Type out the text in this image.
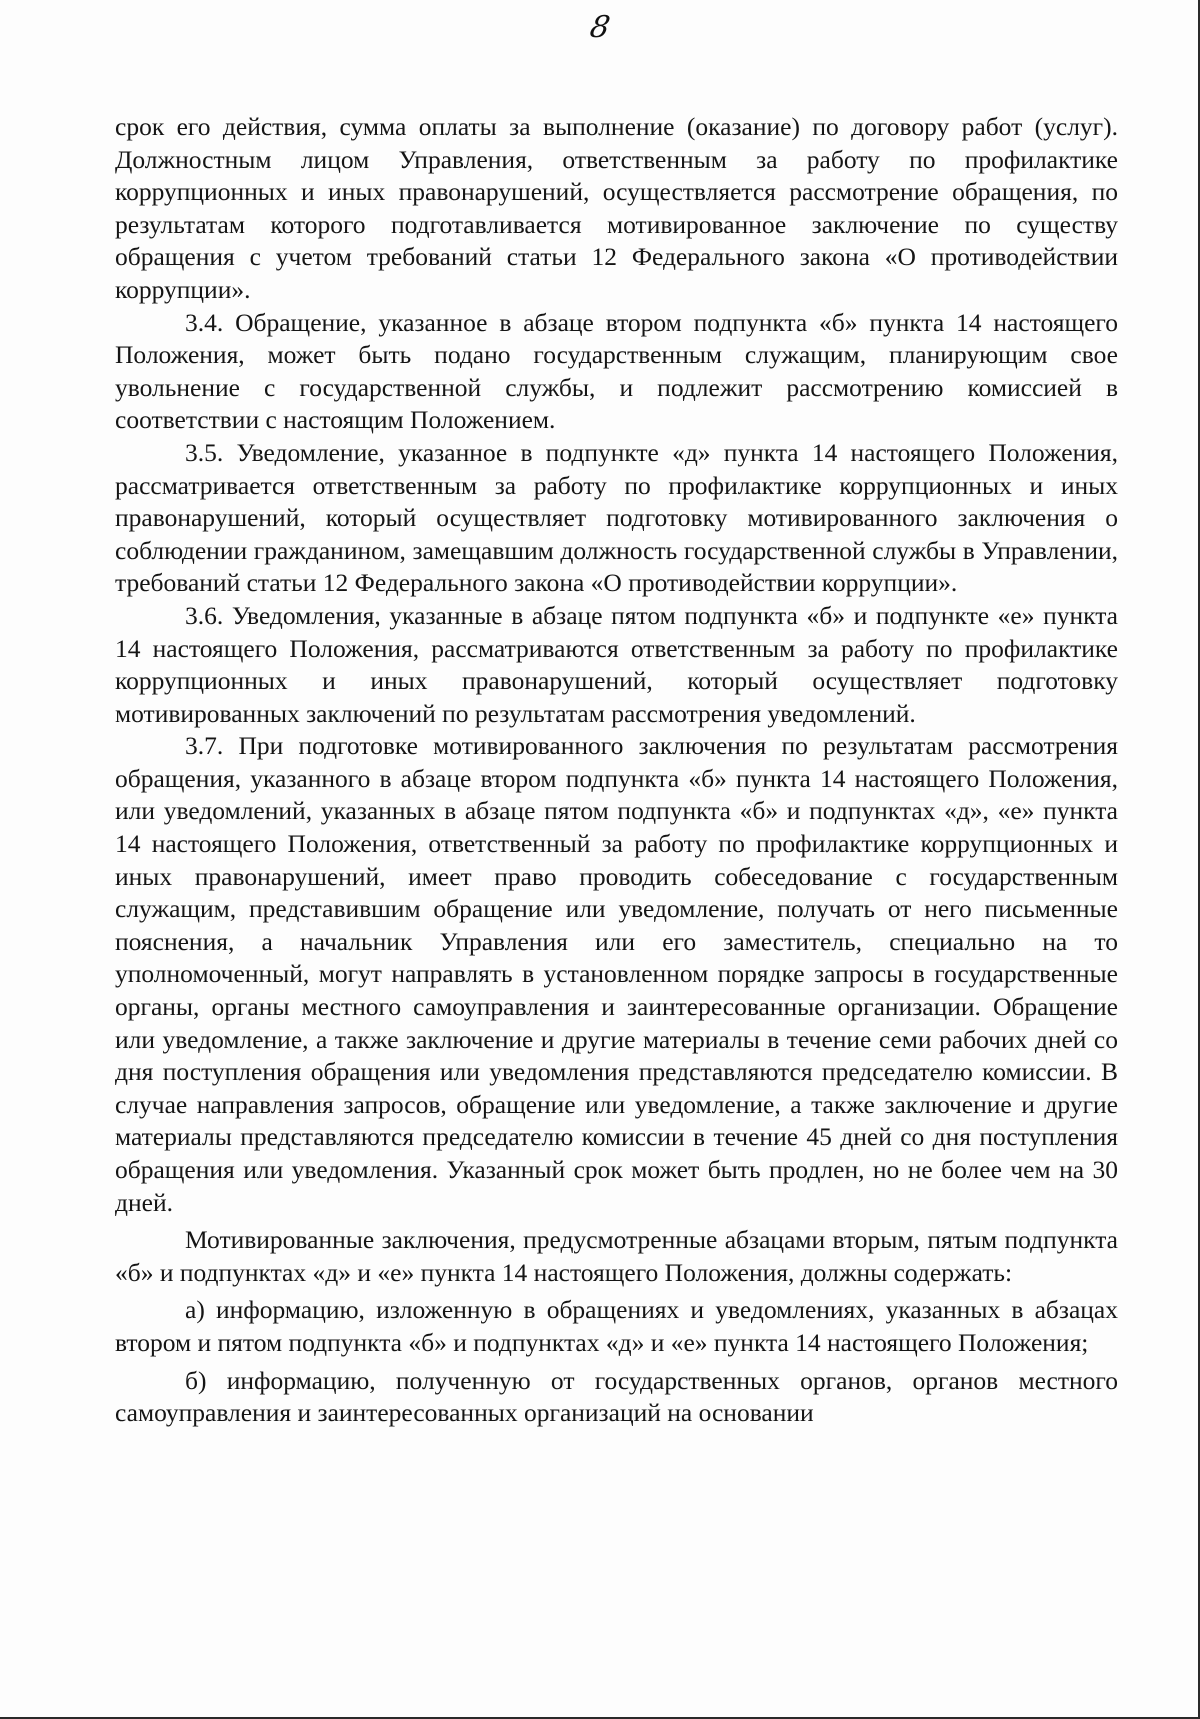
8

срок его действия, сумма оплаты за выполнение (оказание) по договору работ (услуг). Должностным лицом Управления, ответственным за работу по профилактике коррупционных и иных правонарушений, осуществляется рассмотрение обращения, по результатам которого подготавливается мотивированное заключение по существу обращения с учетом требований статьи 12 Федерального закона «О противодействии коррупции».

3.4. Обращение, указанное в абзаце втором подпункта «б» пункта 14 настоящего Положения, может быть подано государственным служащим, планирующим свое увольнение с государственной службы, и подлежит рассмотрению комиссией в соответствии с настоящим Положением.

3.5. Уведомление, указанное в подпункте «д» пункта 14 настоящего Положения, рассматривается ответственным за работу по профилактике коррупционных и иных правонарушений, который осуществляет подготовку мотивированного заключения о соблюдении гражданином, замещавшим должность государственной службы в Управлении, требований статьи 12 Федерального закона «О противодействии коррупции».

3.6. Уведомления, указанные в абзаце пятом подпункта «б» и подпункте «е» пункта 14 настоящего Положения, рассматриваются ответственным за работу по профилактике коррупционных и иных правонарушений, который осуществляет подготовку мотивированных заключений по результатам рассмотрения уведомлений.

3.7. При подготовке мотивированного заключения по результатам рассмотрения обращения, указанного в абзаце втором подпункта «б» пункта 14 настоящего Положения, или уведомлений, указанных в абзаце пятом подпункта «б» и подпунктах «д», «е» пункта 14 настоящего Положения, ответственный за работу по профилактике коррупционных и иных правонарушений, имеет право проводить собеседование с государственным служащим, представившим обращение или уведомление, получать от него письменные пояснения, а начальник Управления или его заместитель, специально на то уполномоченный, могут направлять в установленном порядке запросы в государственные органы, органы местного самоуправления и заинтересованные организации. Обращение или уведомление, а также заключение и другие материалы в течение семи рабочих дней со дня поступления обращения или уведомления представляются председателю комиссии. В случае направления запросов, обращение или уведомление, а также заключение и другие материалы представляются председателю комиссии в течение 45 дней со дня поступления обращения или уведомления. Указанный срок может быть продлен, но не более чем на 30 дней.

Мотивированные заключения, предусмотренные абзацами вторым, пятым подпункта «б» и подпунктах «д» и «е» пункта 14 настоящего Положения, должны содержать:

а) информацию, изложенную в обращениях и уведомлениях, указанных в абзацах втором и пятом подпункта «б» и подпунктах «д» и «е» пункта 14 настоящего Положения;

б) информацию, полученную от государственных органов, органов местного самоуправления и заинтересованных организаций на основании
